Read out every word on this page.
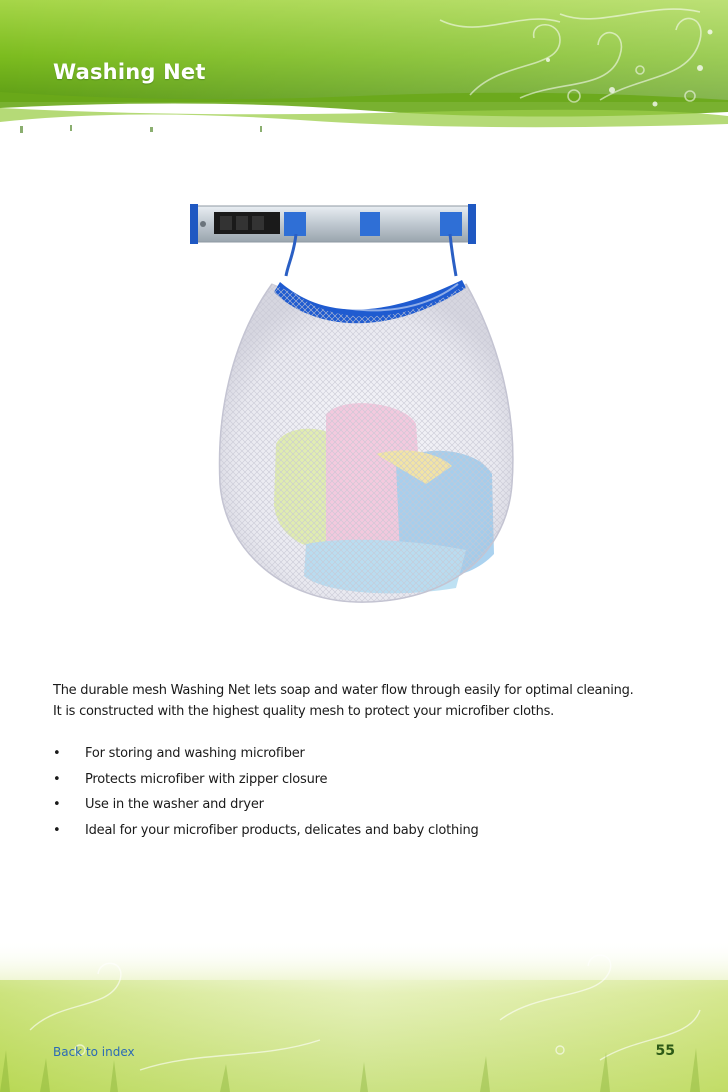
Washing Net

The durable mesh Washing Net lets soap and water flow through easily for optimal cleaning.

It is constructed with the highest quality mesh to protect your microfiber cloths.

•	For storing and washing microfiber
•	Protects microfiber with zipper closure
•	Use in the washer and dryer
•	Ideal for your microfiber products, delicates and baby clothing
Back to index	55
